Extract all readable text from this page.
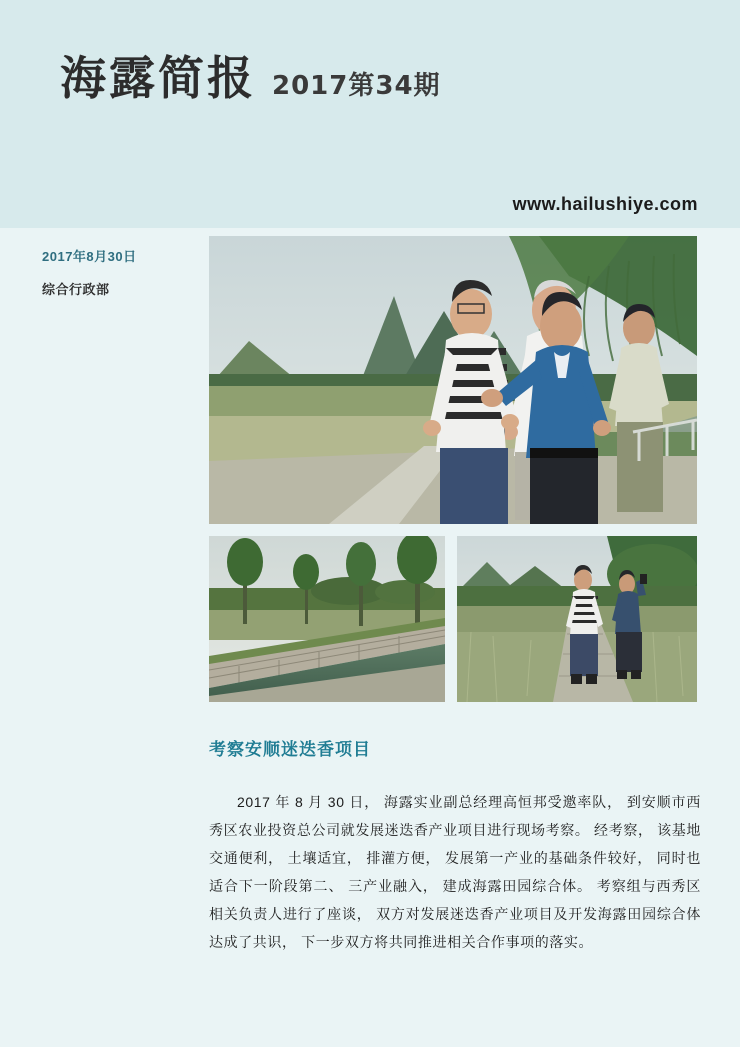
海露简报 2017第34期
www.hailushiye.com
2017年8月30日
综合行政部
考察安顺迷迭香项目
2017 年 8 月 30 日， 海露实业副总经理高恒邦受邀率队， 到安顺市西秀区农业投资总公司就发展迷迭香产业项目进行现场考察。 经考察， 该基地交通便利， 土壤适宜， 排灌方便， 发展第一产业的基础条件较好， 同时也适合下一阶段第二、 三产业融入， 建成海露田园综合体。 考察组与西秀区相关负责人进行了座谈， 双方对发展迷迭香产业项目及开发海露田园综合体达成了共识， 下一步双方将共同推进相关合作事项的落实。
